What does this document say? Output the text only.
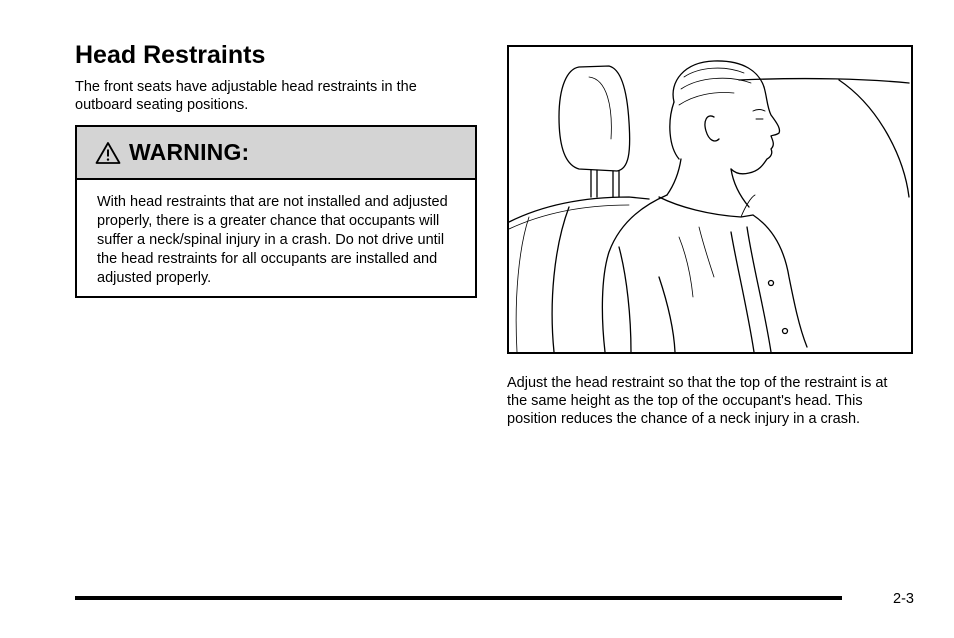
Head Restraints

The front seats have adjustable head restraints in the outboard seating positions.

WARNING:

With head restraints that are not installed and adjusted properly, there is a greater chance that occupants will suffer a neck/spinal injury in a crash. Do not drive until the head restraints for all occupants are installed and adjusted properly.

Adjust the head restraint so that the top of the restraint is at the same height as the top of the occupant's head. This position reduces the chance of a neck injury in a crash.

2-3
